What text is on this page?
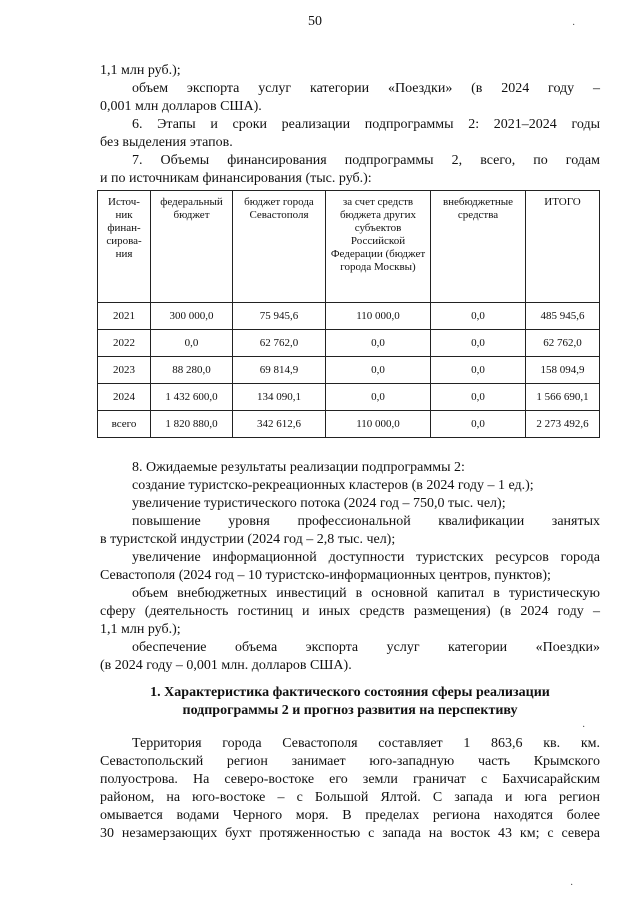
50

1,1 млн руб.);

объем экспорта услуг категории «Поездки» (в 2024 году –

0,001 млн долларов США).

6. Этапы и сроки реализации подпрограммы 2: 2021–2024 годы

без выделения этапов.

7. Объемы финансирования подпрограммы 2, всего, по годам

и по источникам финансирования (тыс. руб.):

Источ-ник финан-сирова-ния	федеральный бюджет	бюджет города Севастополя	за счет средств бюджета других субъектов Российской Федерации (бюджет города Москвы)	внебюджетные средства	ИТОГО
2021	300 000,0	75 945,6	110 000,0	0,0	485 945,6
2022	0,0	62 762,0	0,0	0,0	62 762,0
2023	88 280,0	69 814,9	0,0	0,0	158 094,9
2024	1 432 600,0	134 090,1	0,0	0,0	1 566 690,1
всего	1 820 880,0	342 612,6	110 000,0	0,0	2 273 492,6

8. Ожидаемые результаты реализации подпрограммы 2:

создание туристско-рекреационных кластеров (в 2024 году – 1 ед.);

увеличение туристического потока (2024 год – 750,0 тыс. чел);

повышение уровня профессиональной квалификации занятых

в туристской индустрии (2024 год – 2,8 тыс. чел);

увеличение информационной доступности туристских ресурсов города

Севастополя (2024 год – 10 туристско-информационных центров, пунктов);

объем внебюджетных инвестиций в основной капитал в туристическую

сферу (деятельность гостиниц и иных средств размещения) (в 2024 году –

1,1 млн руб.);

обеспечение объема экспорта услуг категории «Поездки»

(в 2024 году – 0,001 млн. долларов США).

1. Характеристика фактического состояния сферы реализации
подпрограммы 2 и прогноз развития на перспективу

Территория города Севастополя составляет 1 863,6 кв. км.

Севастопольский регион занимает юго-западную часть Крымского

полуострова. На северо-востоке его земли граничат с Бахчисарайским

районом, на юго-востоке – с Большой Ялтой. С запада и юга регион

омывается водами Черного моря. В пределах региона находятся более

30 незамерзающих бухт протяженностью с запада на восток 43 км; с севера

·
·
·
